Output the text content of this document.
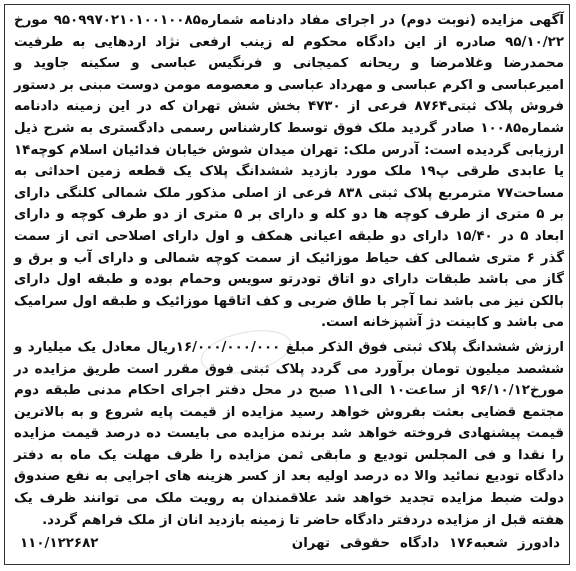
آگهی مزایده (نوبت دوم) در اجرای مفاد دادنامه شماره۹۵۰۹۹۷۰۲۱۰۱۰۰۱۰۰۸۵ مورخ ۹۵/۱۰/۲۲ صادره از این دادگاه محکوم له زینب ارفعی نژاد اردهایی به طرفیت محمدرضا وغلامرضا و ریحانه کمیجانی و فرنگیس عباسی و سکینه جاوید و امیرعباسی و اکرم عباسی و مهرداد عباسی و معصومه مومن دوست مبنی بر دستور فروش پلاک ثبتی۸۷۶۴ فرعی از ۴۷۳۰ بخش شش تهران که در این زمینه دادنامه شماره۱۰۰۸۵ صادر گردید ملک فوق توسط کارشناس رسمی دادگستری به شرح ذیل ارزیابی گردیده است: آدرس ملک: تهران میدان شوش خیابان فدائیان اسلام کوچه۱۴ یا عابدی طرقی پ۱۹ ملک مورد بازدید ششدانگ پلاک یک قطعه زمین احداثی به مساحت۷۷ مترمربع پلاک ثبتی ۸۳۸ فرعی از اصلی مذکور ملک شمالی کلنگی دارای بر ۵ متری از طرف کوچه ها دو کله و دارای بر ۵ متری از دو طرف کوچه و دارای ابعاد ۵ در ۱۵/۴۰ دارای دو طبقه اعیانی همکف و اول دارای اصلاحی اتی از سمت گذر ۶ متری شمالی کف حیاط موزائیک از سمت کوچه شمالی و دارای آب و برق و گاز می باشد طبقات دارای دو اتاق تودرتو سویس وحمام بوده و طبقه اول دارای بالکن نیز می باشد نما آجر با طاق ضربی و کف اتاقها موزائیک و طبقه اول سرامیک می باشد و کابینت دژ آشپزخانه است.

ارزش ششدانگ پلاک ثبتی فوق الذکر مبلغ ۱۶/۰۰۰/۰۰۰/۰۰۰ریال معادل یک میلیارد و ششصد میلیون تومان برآورد می گردد پلاک ثبتی فوق مقرر است طریق مزایده در مورخ۹۶/۱۰/۱۲ از ساعت۱۰ الی۱۱ صبح در محل دفتر اجرای احکام مدنی طبقه دوم مجتمع قضایی بعثت بفروش خواهد رسید مزایده از قیمت پایه شروع و به بالاترین قیمت پیشنهادی فروخته خواهد شد برنده مزایده می بایست ده درصد قیمت مزایده را نقدا و فی المجلس تودیع و مابقی ثمن مزایده را ظرف مهلت یک ماه به دفتر دادگاه تودیع نمائید والا ده درصد اولیه بعد از کسر هزینه های اجرایی به نفع صندوق دولت ضبط مزایده تجدید خواهد شد علاقمندان به رویت ملک می توانند ظرف یک هفته قبل از مزایده دردفتر دادگاه حاضر تا زمینه بازدید انان از ملک فراهم گردد.

دادورز
شعبه۱۷۶
دادگاه
حقوقی
تهران
۱۱۰/۱۲۲۶۸۲
